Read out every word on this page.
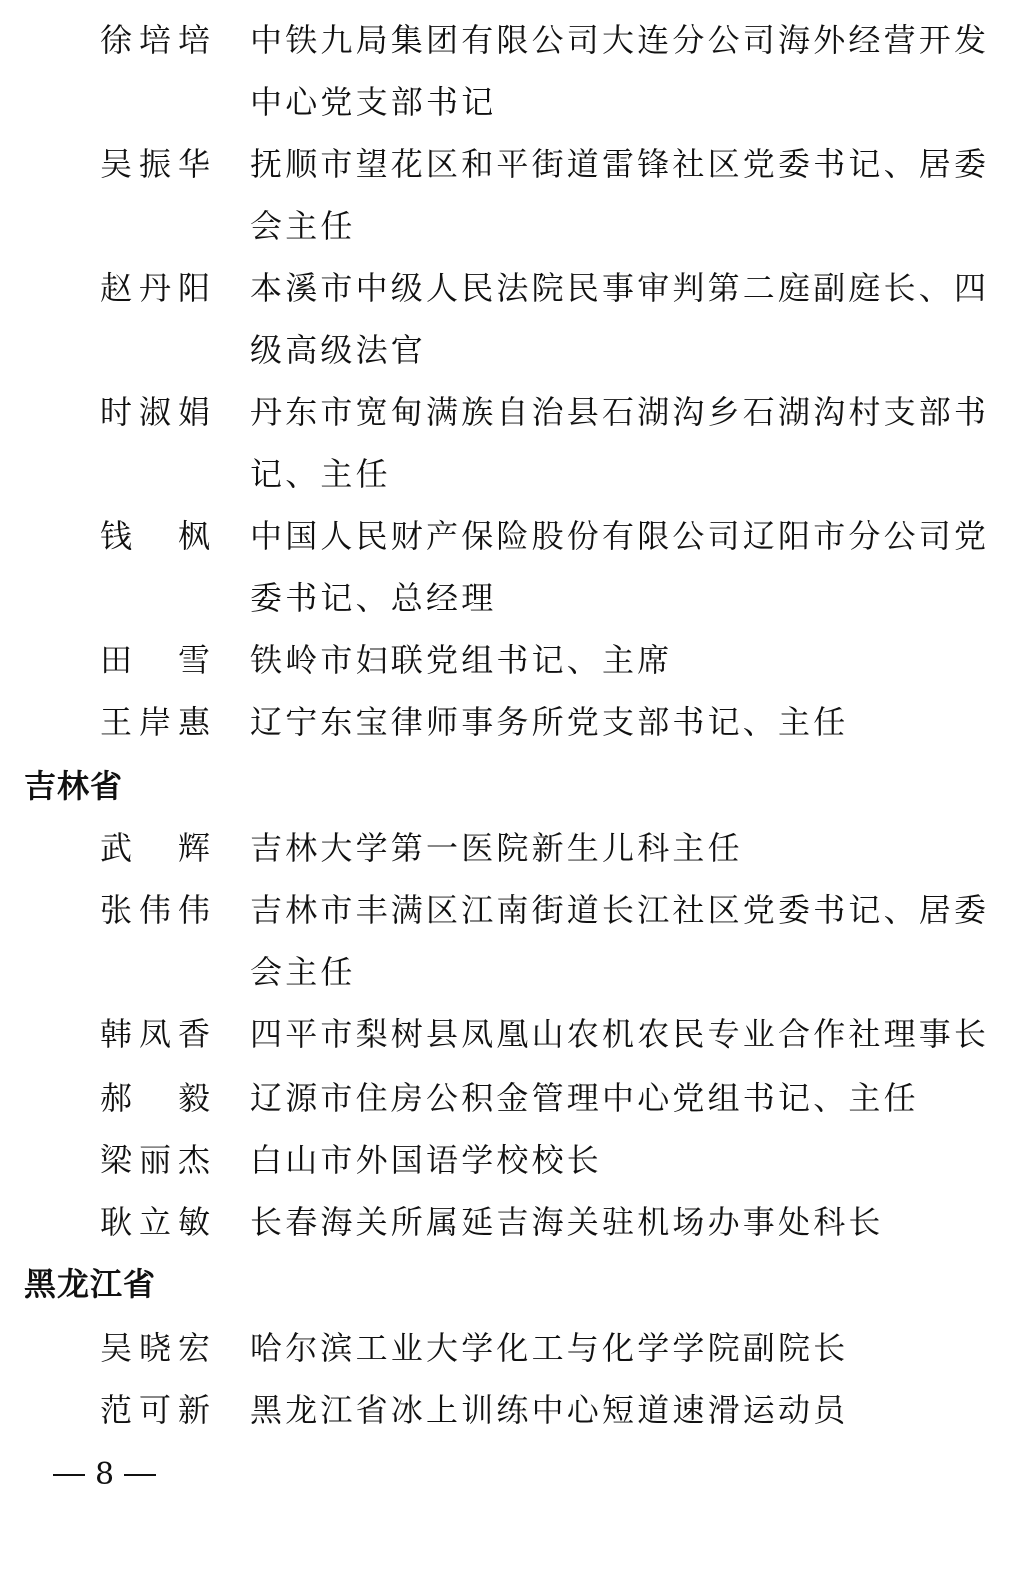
徐培培 中铁九局集团有限公司大连分公司海外经营开发中心党支部书记
吴振华 抚顺市望花区和平街道雷锋社区党委书记、居委会主任
赵丹阳 本溪市中级人民法院民事审判第二庭副庭长、四级高级法官
时淑娟 丹东市宽甸满族自治县石湖沟乡石湖沟村支部书记、主任
钱枫 中国人民财产保险股份有限公司辽阳市分公司党委书记、总经理
田雪 铁岭市妇联党组书记、主席
王岸惠 辽宁东宝律师事务所党支部书记、主任
吉林省
武辉 吉林大学第一医院新生儿科主任
张伟伟 吉林市丰满区江南街道长江社区党委书记、居委会主任
韩凤香 四平市梨树县凤凰山农机农民专业合作社理事长
郝毅 辽源市住房公积金管理中心党组书记、主任
梁丽杰 白山市外国语学校校长
耿立敏 长春海关所属延吉海关驻机场办事处科长
黑龙江省
吴晓宏 哈尔滨工业大学化工与化学学院副院长
范可新 黑龙江省冰上训练中心短道速滑运动员
8
